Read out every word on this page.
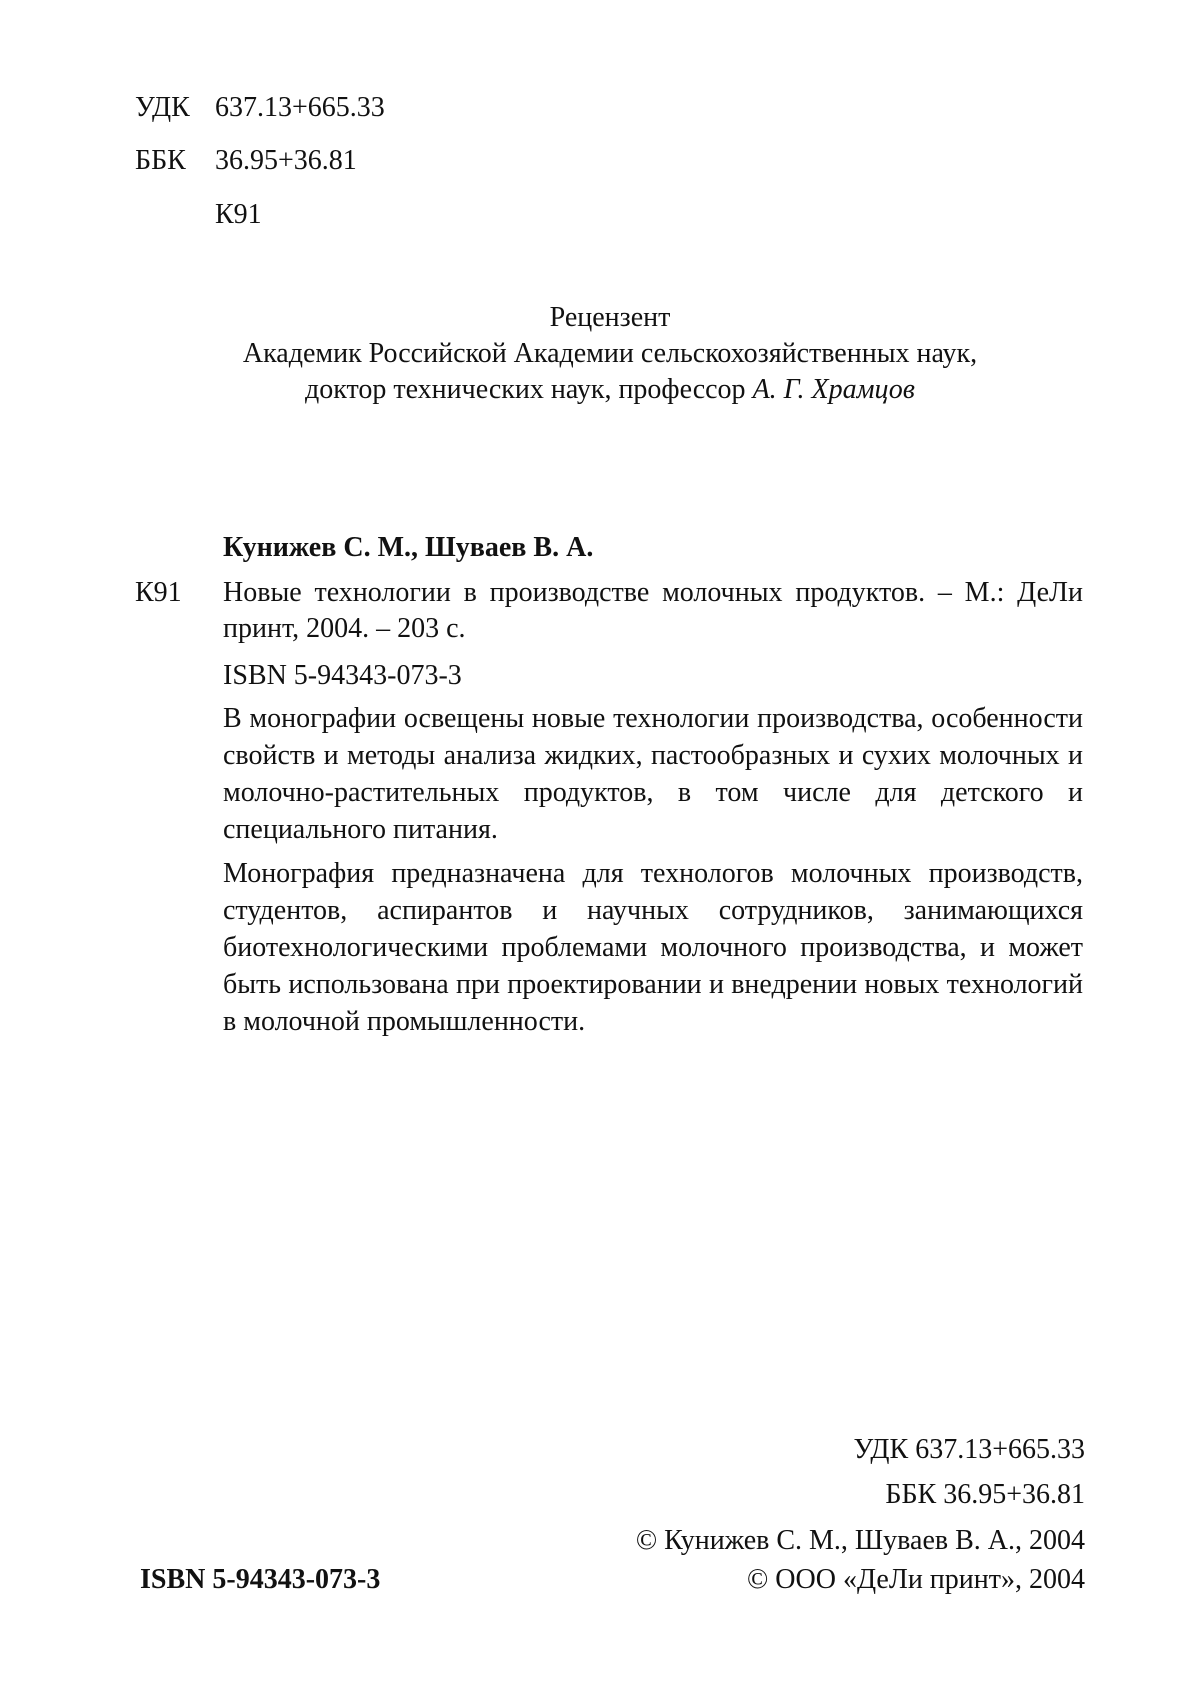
УДК 637.13+665.33
ББК 36.95+36.81
К91
Рецензент
Академик Российской Академии сельскохозяйственных наук,
доктор технических наук, профессор А. Г. Храмцов
Кунижев С. М., Шуваев В. А.
К91 Новые технологии в производстве молочных продуктов. – М.: ДеЛи принт, 2004. – 203 с.
ISBN 5-94343-073-3
В монографии освещены новые технологии производства, особенности свойств и методы анализа жидких, пастообразных и сухих молочных и молочно-растительных продуктов, в том числе для детского и специального питания.
Монография предназначена для технологов молочных производств, студентов, аспирантов и научных сотрудников, занимающихся биотехнологическими проблемами молочного производства, и может быть использована при проектировании и внедрении новых технологий в молочной промышленности.
УДК 637.13+665.33
ББК 36.95+36.81
© Кунижев С. М., Шуваев В. А., 2004
© ООО «ДеЛи принт», 2004
ISBN 5-94343-073-3
